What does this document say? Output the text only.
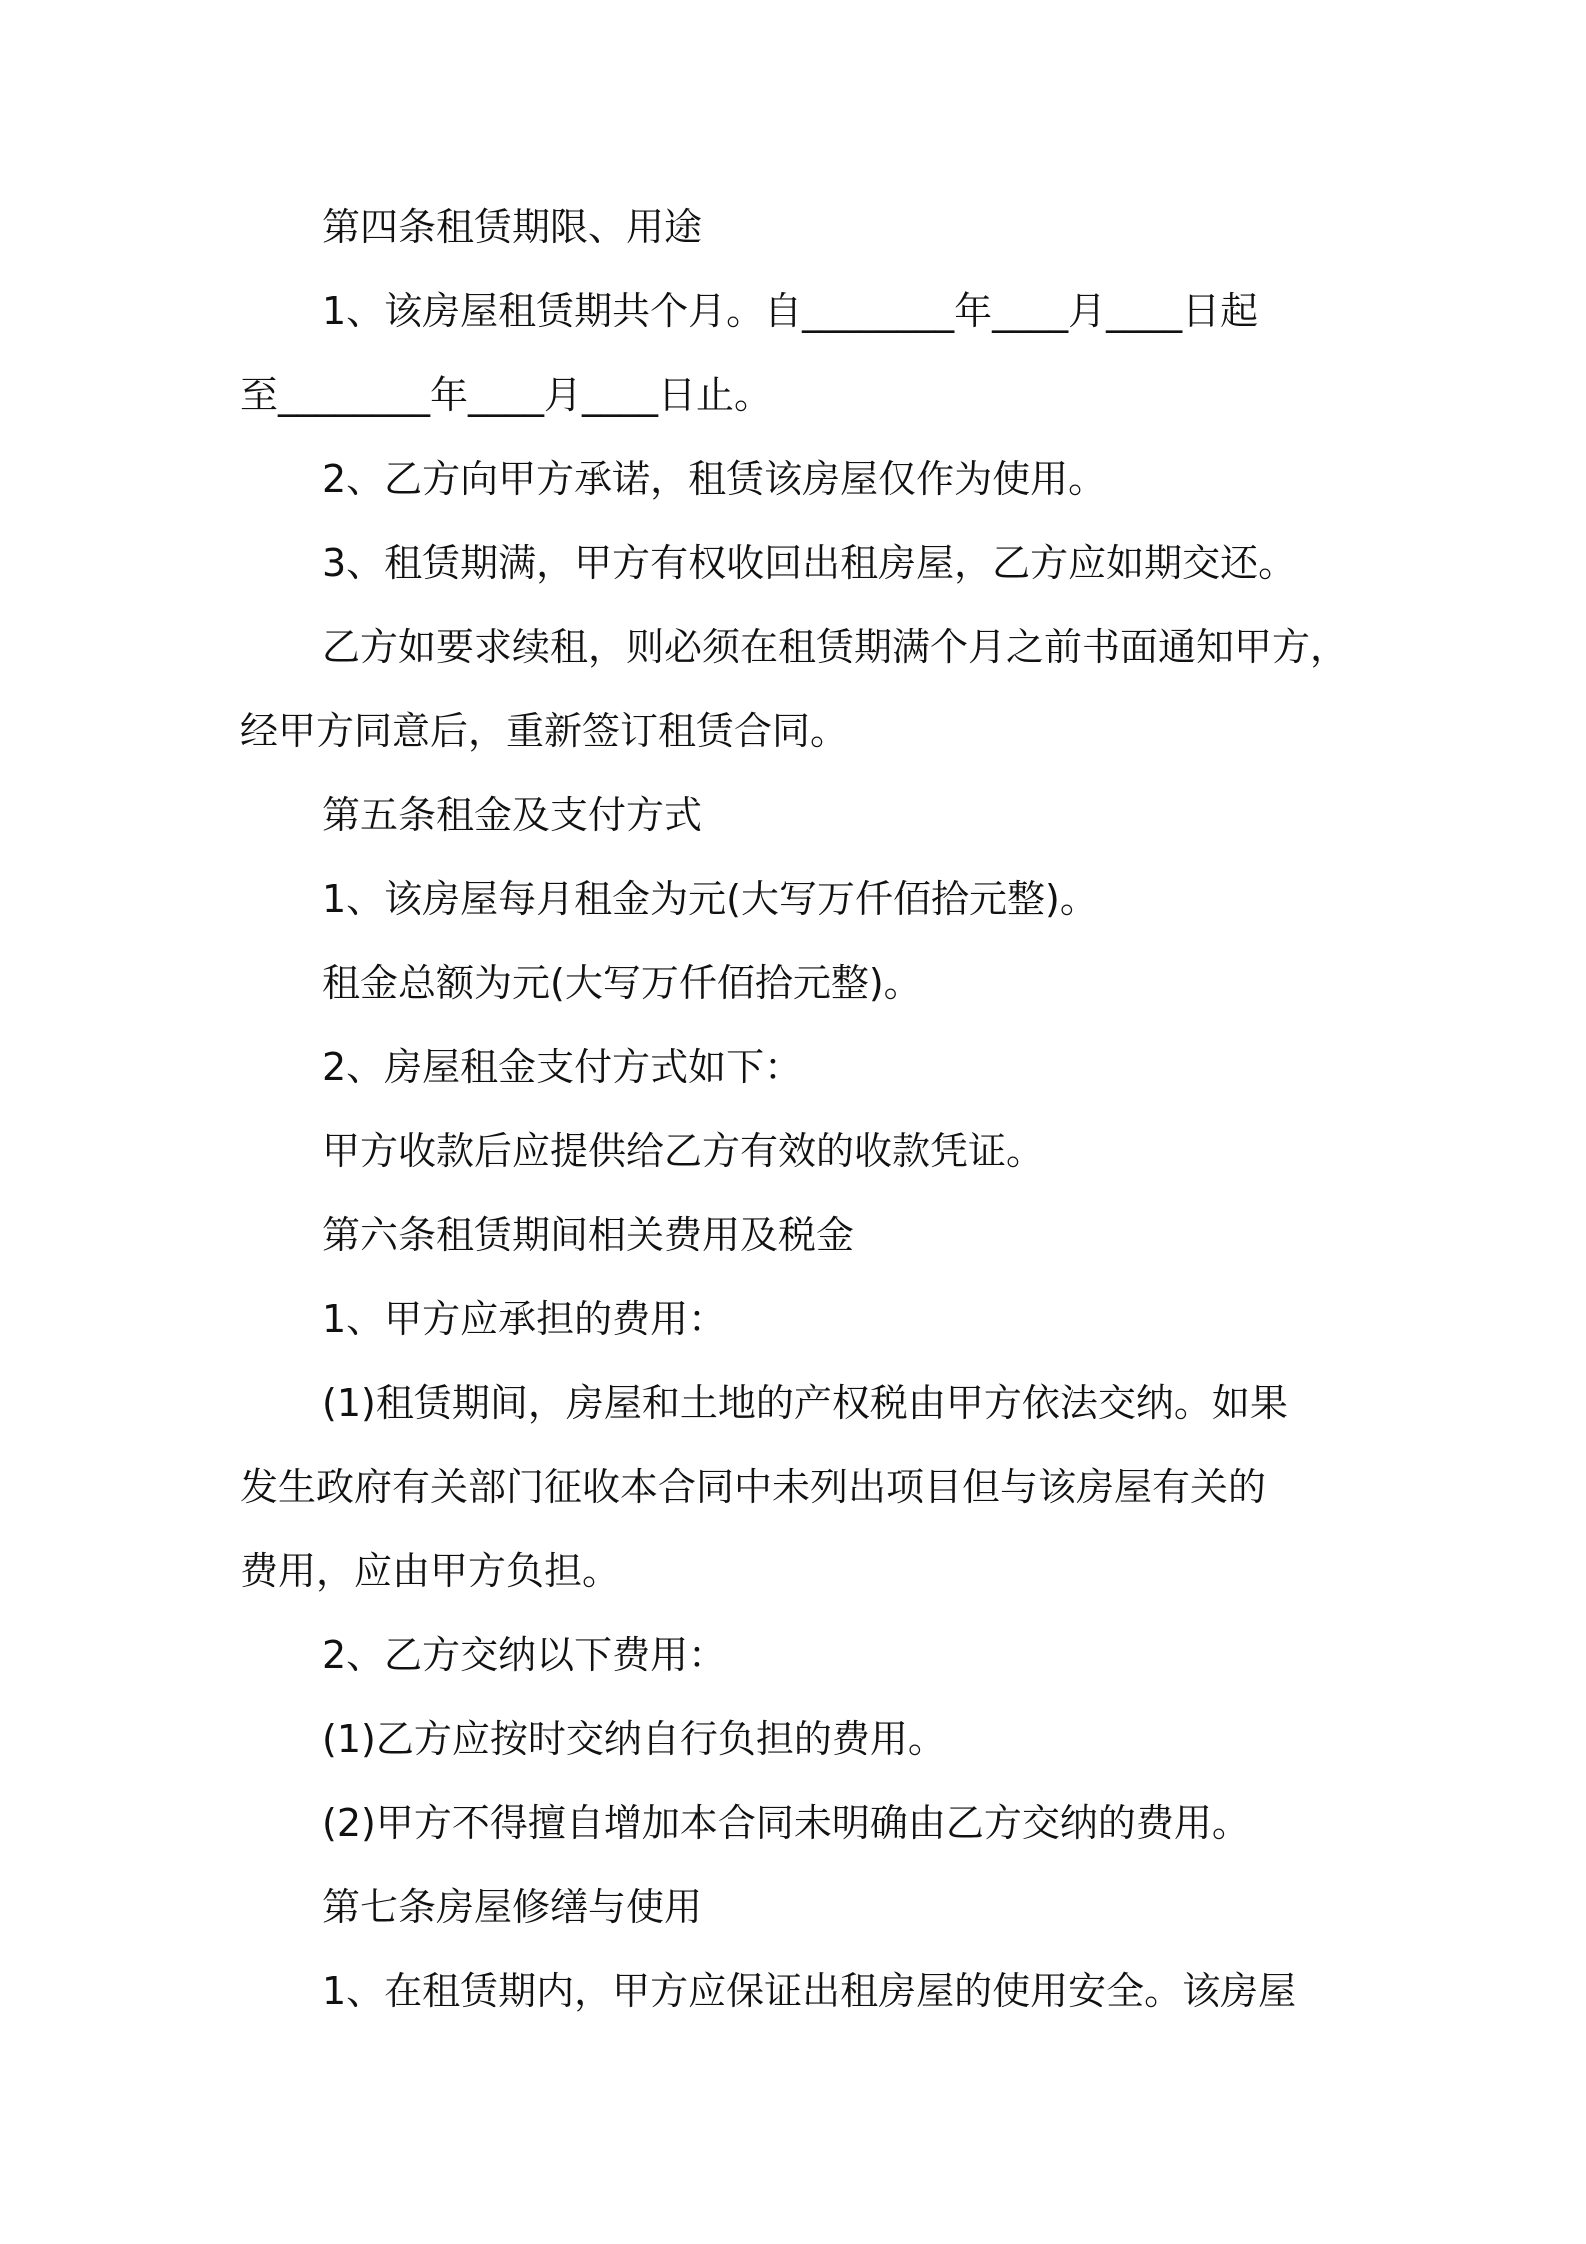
第四条租赁期限、用途
1、该房屋租赁期共个月。自________年____月____日起
至________年____月____日止。
2、乙方向甲方承诺，租赁该房屋仅作为使用。
3、租赁期满，甲方有权收回出租房屋，乙方应如期交还。
乙方如要求续租，则必须在租赁期满个月之前书面通知甲方，
经甲方同意后，重新签订租赁合同。
第五条租金及支付方式
1、该房屋每月租金为元(大写万仟佰拾元整)。
租金总额为元(大写万仟佰拾元整)。
2、房屋租金支付方式如下：
甲方收款后应提供给乙方有效的收款凭证。
第六条租赁期间相关费用及税金
1、甲方应承担的费用：
(1)租赁期间，房屋和土地的产权税由甲方依法交纳。如果
发生政府有关部门征收本合同中未列出项目但与该房屋有关的
费用，应由甲方负担。
2、乙方交纳以下费用：
(1)乙方应按时交纳自行负担的费用。
(2)甲方不得擅自增加本合同未明确由乙方交纳的费用。
第七条房屋修缮与使用
1、在租赁期内，甲方应保证出租房屋的使用安全。该房屋
